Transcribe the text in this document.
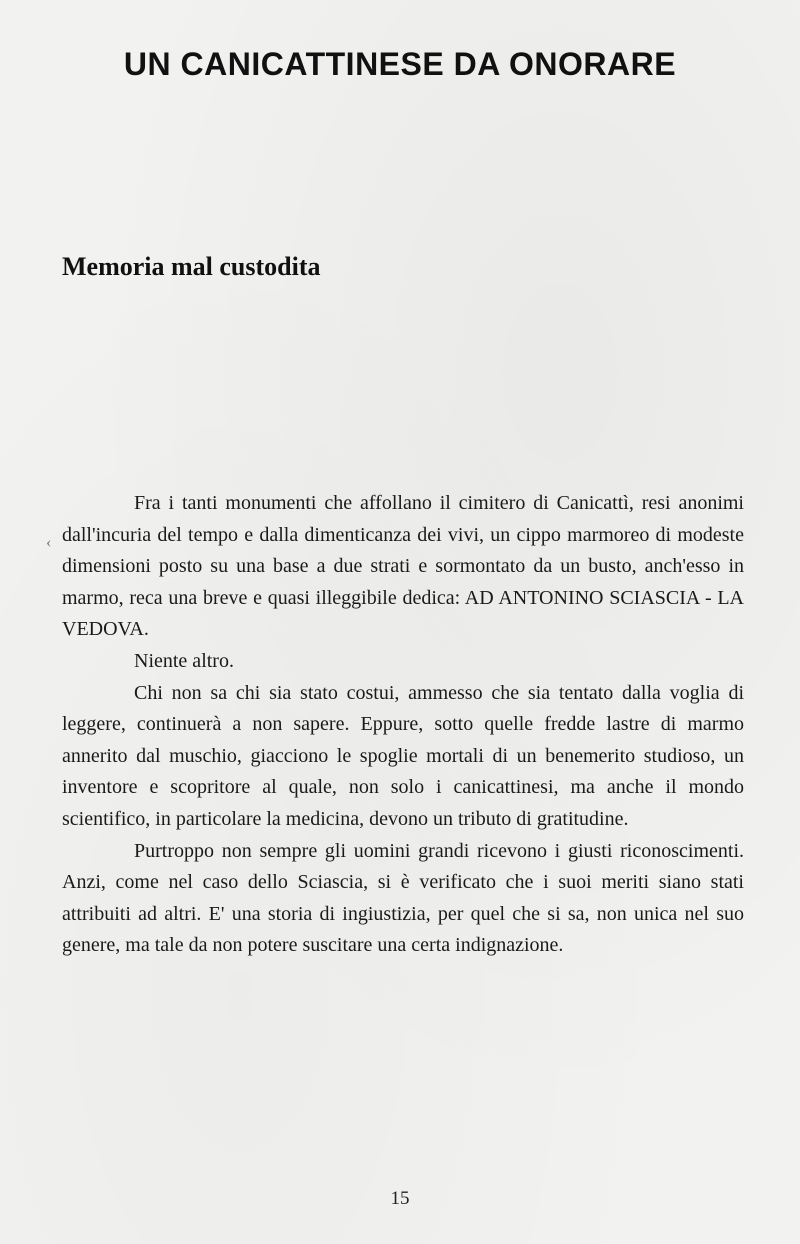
UN CANICATTINESE DA ONORARE
Memoria mal custodita
‹

Fra i tanti monumenti che affollano il cimitero di Canicattì, resi anonimi dall'incuria del tempo e dalla dimenticanza dei vivi, un cippo marmoreo di modeste dimensioni posto su una base a due strati e sormontato da un busto, anch'esso in marmo, reca una breve e quasi illeggibile dedica: AD ANTONINO SCIASCIA - LA VEDOVA.

Niente altro.

Chi non sa chi sia stato costui, ammesso che sia tentato dalla voglia di leggere, continuerà a non sapere. Eppure, sotto quelle fredde lastre di marmo annerito dal muschio, giacciono le spoglie mortali di un benemerito studioso, un inventore e scopritore al quale, non solo i canicattinesi, ma anche il mondo scientifico, in particolare la medicina, devono un tributo di gratitudine.

Purtroppo non sempre gli uomini grandi ricevono i giusti riconoscimenti. Anzi, come nel caso dello Sciascia, si è verificato che i suoi meriti siano stati attribuiti ad altri. E' una storia di ingiustizia, per quel che si sa, non unica nel suo genere, ma tale da non potere suscitare una certa indignazione.

15
